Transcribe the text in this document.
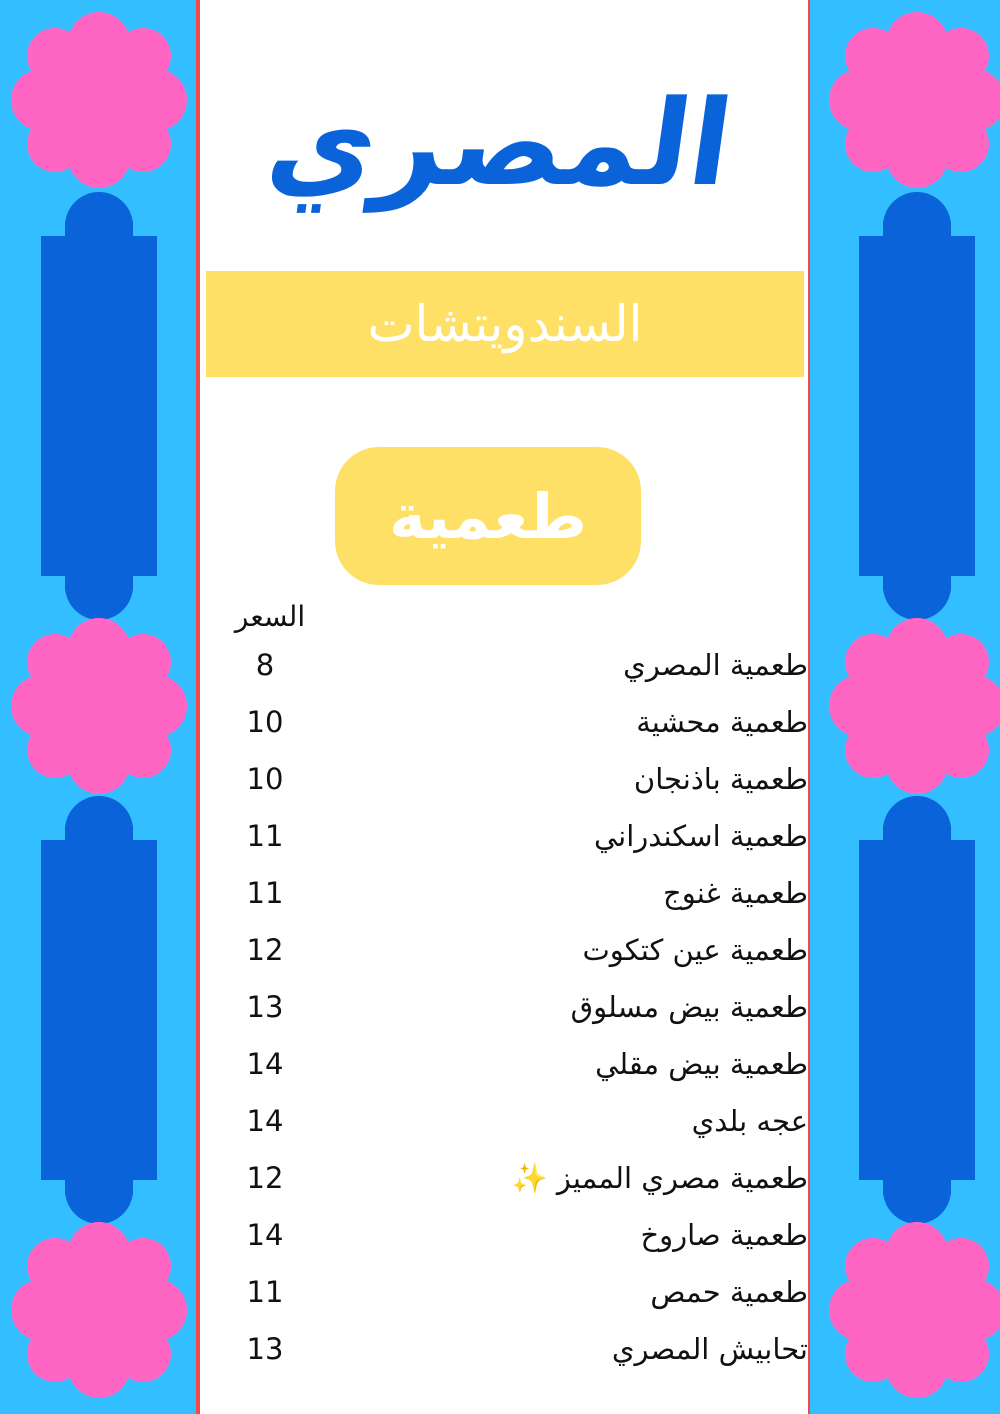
المصري
السندويتشات
طعمية
السعر
طعمية المصري
8
طعمية محشية
10
طعمية باذنجان
10
طعمية اسكندراني
11
طعمية غنوج
11
طعمية عين كتكوت
12
طعمية بيض مسلوق
13
طعمية بيض مقلي
14
عجه بلدي
14
طعمية مصري المميز ✨
12
طعمية صاروخ
14
طعمية حمص
11
تحابيش المصري
13
